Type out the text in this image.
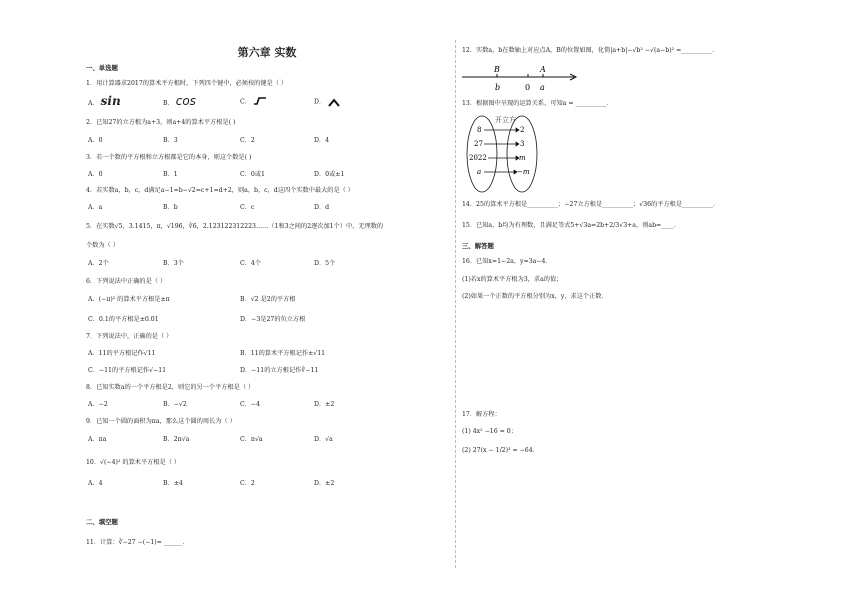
第六章 实数
一、单选题
1．用计算器求2017的算术平方根时，下列四个键中，必须按的键是（ ）
A． sin	B． cos	C．	D．
2．已知27的立方根为a+3，则a+4的算术平方根是( )
A．0	B．3	C．2	D．4
3．若一个数的平方根和立方根都是它的本身，则这个数是( )
A．0	B．1	C．0或1	D．0或±1
4．若实数a，b，c，d满足a−1=b−√2=c+1=d+2，则a，b，c，d这四个实数中最大的是（ ）
A．a	B．b	C．c	D．d
5．在实数√5，3.1415，π，√196，∛6，2.123122312223……（1和3之间的2逐次加1个）中，无理数的
个数为（ ）
A．2个	B．3个	C．4个	D．5个
6．下列说法中正确的是（ ）
A．(−π)² 的算术平方根是±π	B．√2 是2的平方根
C．0.1的平方根是±0.01	D．−3是27的负立方根
7．下列说法中，正确的是（ ）
A．11的平方根记作√11	B．11的算术平方根记作±√11
C．−11的平方根记作√−11	D．−11的立方根记作∛−11
8．已知实数a的一个平方根是2，则它的另一个平方根是（ ）
A．−2	B．−√2	C．−4	D．±2
9．已知一个圆的面积为πa，那么这个圆的周长为（ ）
A．πa	B．2π√a	C．π√a	D．√a
10．√(−4)² 的算术平方根是（ ）
A．4	B．±4	C．2	D．±2
二、填空题
11．计算：∛−27 −(−1)= ______．
12．实数a，b在数轴上对应点A，B的位置如图，化简|a+b|−√b² −√(a−b)² =__________．
B	A
b	0 a
13．根据图中呈现的运算关系，可知a = __________．
开立方
8
27
2022
a
2
3
m
−m
14．25的算术平方根是__________；−27立方根是__________；√36的平方根是__________．
15．已知a，b均为有理数，且满足等式5+√3a=2b+2/3√3+a，则ab=____．
三、解答题
16．已知x=1−2a，y=3a−4．
(1)若x的算术平方根为3，求a的值；
(2)如果一个正数的平方根分别为x，y，求这个正数．
17．解方程：
(1) 4x² −16 = 0；
(2) 27(x − 1/2)³ = −64．
